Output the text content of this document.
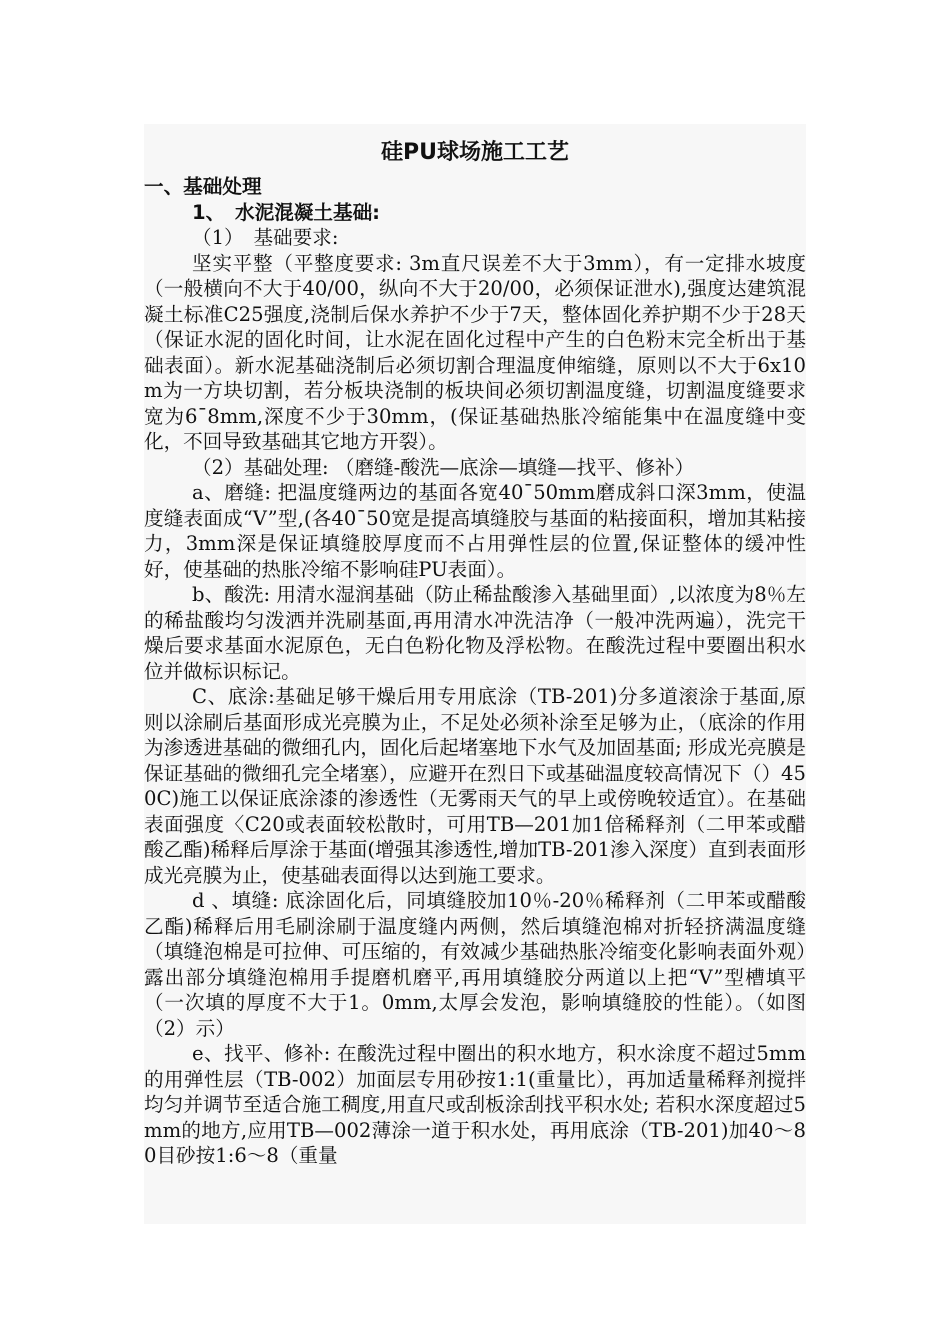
硅PU球场施工工艺

一、基础处理

1、　水泥混凝土基础:

（1）　基础要求:

坚实平整（平整度要求: 3m直尺误差不大于3mm），有一定排水坡度（一般横向不大于40/00，纵向不大于20/00，必须保证泄水),强度达建筑混凝土标准C25强度,浇制后保水养护不少于7天，整体固化养护期不少于28天（保证水泥的固化时间，让水泥在固化过程中产生的白色粉末完全析出于基础表面）。新水泥基础浇制后必须切割合理温度伸缩缝，原则以不大于6x10m为一方块切割，若分板块浇制的板块间必须切割温度缝，切割温度缝要求宽为6¯8mm,深度不少于30mm，(保证基础热胀冷缩能集中在温度缝中变化，不回导致基础其它地方开裂）。

（2）基础处理: （磨缝-酸洗—底涂—填缝—找平、修补）

a、磨缝: 把温度缝两边的基面各宽40¯50mm磨成斜口深3mm，使温度缝表面成“V”型,(各40¯50宽是提高填缝胶与基面的粘接面积，增加其粘接力，3mm深是保证填缝胶厚度而不占用弹性层的位置,保证整体的缓冲性好，使基础的热胀冷缩不影响硅PU表面）。

b、酸洗: 用清水湿润基础（防止稀盐酸渗入基础里面）,以浓度为8％左的稀盐酸均匀泼洒并洗刷基面,再用清水冲洗洁净（一般冲洗两遍），洗完干燥后要求基面水泥原色，无白色粉化物及浮松物。在酸洗过程中要圈出积水位并做标识标记。

C、底涂:基础足够干燥后用专用底涂（TB-201)分多道滚涂于基面,原则以涂刷后基面形成光亮膜为止，不足处必须补涂至足够为止，（底涂的作用为渗透进基础的微细孔内，固化后起堵塞地下水气及加固基面; 形成光亮膜是保证基础的微细孔完全堵塞），应避开在烈日下或基础温度较高情况下（）450C)施工以保证底涂漆的渗透性（无雾雨天气的早上或傍晚较适宜）。在基础表面强度〈C20或表面较松散时，可用TB—201加1倍稀释剂（二甲苯或醋酸乙酯)稀释后厚涂于基面(增强其渗透性,增加TB-201渗入深度）直到表面形成光亮膜为止，使基础表面得以达到施工要求。

d 、填缝: 底涂固化后，同填缝胶加10％-20％稀释剂（二甲苯或醋酸乙酯)稀释后用毛刷涂刷于温度缝内两侧，然后填缝泡棉对折轻挤满温度缝（填缝泡棉是可拉伸、可压缩的，有效减少基础热胀冷缩变化影响表面外观）露出部分填缝泡棉用手提磨机磨平,再用填缝胶分两道以上把“V”型槽填平（一次填的厚度不大于1。0mm,太厚会发泡，影响填缝胶的性能）。（如图（2）示）

e、找平、修补: 在酸洗过程中圈出的积水地方，积水涂度不超过5mm的用弹性层（TB-002）加面层专用砂按1:1(重量比），再加适量稀释剂搅拌均匀并调节至适合施工稠度,用直尺或刮板涂刮找平积水处; 若积水深度超过5mm的地方,应用TB—002薄涂一道于积水处，再用底涂（TB-201)加40～80目砂按1:6～8（重量
